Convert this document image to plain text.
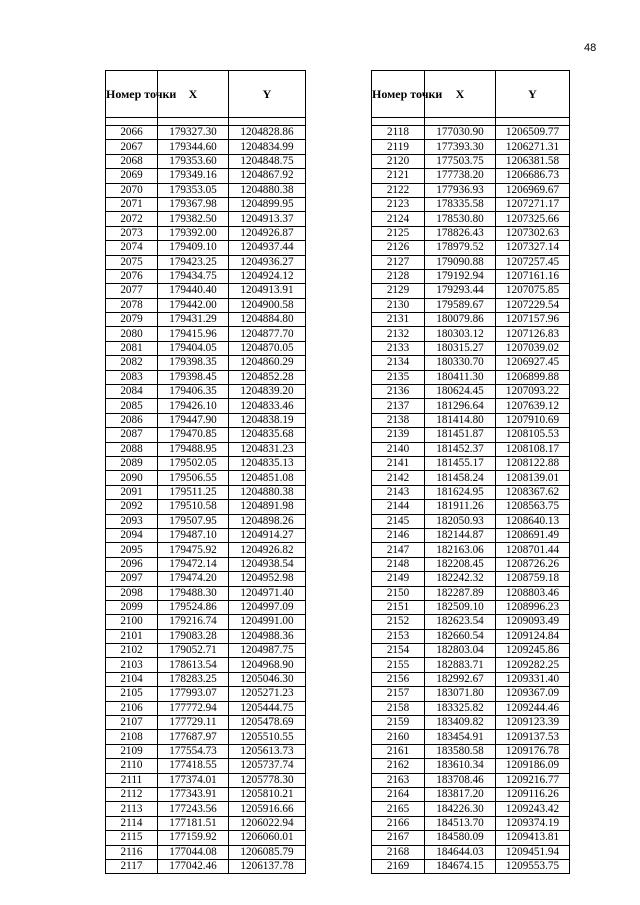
48
Номер точки	X	Y

2066	179327.30	1204828.86
2067	179344.60	1204834.99
2068	179353.60	1204848.75
2069	179349.16	1204867.92
2070	179353.05	1204880.38
2071	179367.98	1204899.95
2072	179382.50	1204913.37
2073	179392.00	1204926.87
2074	179409.10	1204937.44
2075	179423.25	1204936.27
2076	179434.75	1204924.12
2077	179440.40	1204913.91
2078	179442.00	1204900.58
2079	179431.29	1204884.80
2080	179415.96	1204877.70
2081	179404.05	1204870.05
2082	179398.35	1204860.29
2083	179398.45	1204852.28
2084	179406.35	1204839.20
2085	179426.10	1204833.46
2086	179447.90	1204838.19
2087	179470.85	1204835.68
2088	179488.95	1204831.23
2089	179502.05	1204835.13
2090	179506.55	1204851.08
2091	179511.25	1204880.38
2092	179510.58	1204891.98
2093	179507.95	1204898.26
2094	179487.10	1204914.27
2095	179475.92	1204926.82
2096	179472.14	1204938.54
2097	179474.20	1204952.98
2098	179488.30	1204971.40
2099	179524.86	1204997.09
2100	179216.74	1204991.00
2101	179083.28	1204988.36
2102	179052.71	1204987.75
2103	178613.54	1204968.90
2104	178283.25	1205046.30
2105	177993.07	1205271.23
2106	177772.94	1205444.75
2107	177729.11	1205478.69
2108	177687.97	1205510.55
2109	177554.73	1205613.73
2110	177418.55	1205737.74
2111	177374.01	1205778.30
2112	177343.91	1205810.21
2113	177243.56	1205916.66
2114	177181.51	1206022.94
2115	177159.92	1206060.01
2116	177044.08	1206085.79
2117	177042.46	1206137.78
Номер точки	X	Y

2118	177030.90	1206509.77
2119	177393.30	1206271.31
2120	177503.75	1206381.58
2121	177738.20	1206686.73
2122	177936.93	1206969.67
2123	178335.58	1207271.17
2124	178530.80	1207325.66
2125	178826.43	1207302.63
2126	178979.52	1207327.14
2127	179090.88	1207257.45
2128	179192.94	1207161.16
2129	179293.44	1207075.85
2130	179589.67	1207229.54
2131	180079.86	1207157.96
2132	180303.12	1207126.83
2133	180315.27	1207039.02
2134	180330.70	1206927.45
2135	180411.30	1206899.88
2136	180624.45	1207093.22
2137	181296.64	1207639.12
2138	181414.80	1207910.69
2139	181451.87	1208105.53
2140	181452.37	1208108.17
2141	181455.17	1208122.88
2142	181458.24	1208139.01
2143	181624.95	1208367.62
2144	181911.26	1208563.75
2145	182050.93	1208640.13
2146	182144.87	1208691.49
2147	182163.06	1208701.44
2148	182208.45	1208726.26
2149	182242.32	1208759.18
2150	182287.89	1208803.46
2151	182509.10	1208996.23
2152	182623.54	1209093.49
2153	182660.54	1209124.84
2154	182803.04	1209245.86
2155	182883.71	1209282.25
2156	182992.67	1209331.40
2157	183071.80	1209367.09
2158	183325.82	1209244.46
2159	183409.82	1209123.39
2160	183454.91	1209137.53
2161	183580.58	1209176.78
2162	183610.34	1209186.09
2163	183708.46	1209216.77
2164	183817.20	1209116.26
2165	184226.30	1209243.42
2166	184513.70	1209374.19
2167	184580.09	1209413.81
2168	184644.03	1209451.94
2169	184674.15	1209553.75
